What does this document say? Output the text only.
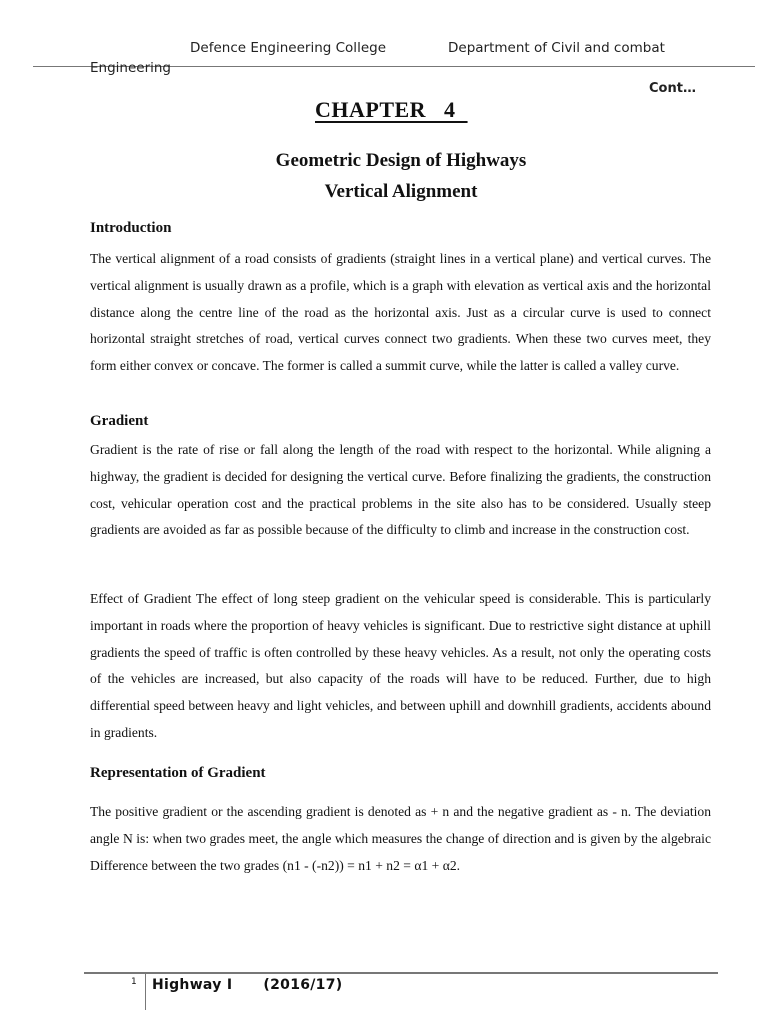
Defence Engineering College	Department of Civil and combat
Engineering
Cont…
CHAPTER   4
Geometric Design of Highways
Vertical Alignment
Introduction
The vertical alignment of a road consists of gradients (straight lines in a vertical plane) and vertical curves. The vertical alignment is usually drawn as a profile, which is a graph with elevation as vertical axis and the horizontal distance along the centre line of the road as the horizontal axis. Just as a circular curve is used to connect horizontal straight stretches of road, vertical curves connect two gradients. When these two curves meet, they form either convex or concave. The former is called a summit curve, while the latter is called a valley curve.
Gradient
Gradient is the rate of rise or fall along the length of the road with respect to the horizontal. While aligning a highway, the gradient is decided for designing the vertical curve. Before finalizing the gradients, the construction cost, vehicular operation cost and the practical problems in the site also has to be considered. Usually steep gradients are avoided as far as possible because of the difficulty to climb and increase in the construction cost.
Effect of Gradient The effect of long steep gradient on the vehicular speed is considerable. This is particularly important in roads where the proportion of heavy vehicles is significant. Due to restrictive sight distance at uphill gradients the speed of traffic is often controlled by these heavy vehicles. As a result, not only the operating costs of the vehicles are increased, but also capacity of the roads will have to be reduced. Further, due to high differential speed between heavy and light vehicles, and between uphill and downhill gradients, accidents abound in gradients.
Representation of Gradient
The positive gradient or the ascending gradient is denoted as + n and the negative gradient as - n. The deviation angle N is: when two grades meet, the angle which measures the change of direction and is given by the algebraic Difference between the two grades (n1 - (-n2)) = n1 + n2 = α1 + α2.
1 Highway I      (2016/17)
